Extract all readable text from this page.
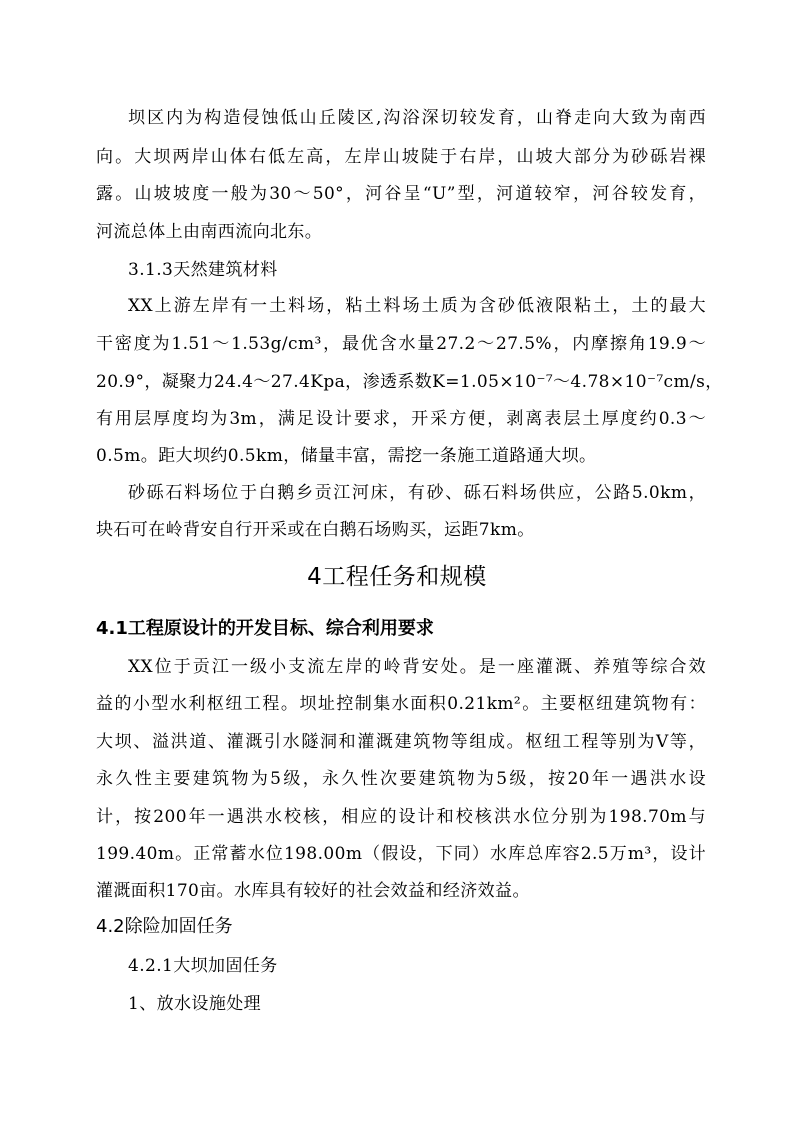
坝区内为构造侵蚀低山丘陵区,沟浴深切较发育，山脊走向大致为南西
向。大坝两岸山体右低左高，左岸山坡陡于右岸，山坡大部分为砂砾岩裸
露。山坡坡度一般为30～50°，河谷呈“U”型，河道较窄，河谷较发育，
河流总体上由南西流向北东。
3.1.3天然建筑材料
XX上游左岸有一土料场，粘土料场土质为含砂低液限粘土，土的最大
干密度为1.51～1.53g/cm³，最优含水量27.2～27.5%，内摩擦角19.9～
20.9°，凝聚力24.4～27.4Kpa，渗透系数K=1.05×10⁻⁷～4.78×10⁻⁷cm/s，
有用层厚度均为3m，满足设计要求，开采方便，剥离表层土厚度约0.3～
0.5m。距大坝约0.5km，储量丰富，需挖一条施工道路通大坝。
砂砾石料场位于白鹅乡贡江河床，有砂、砾石料场供应，公路5.0km，
块石可在岭背安自行开采或在白鹅石场购买，运距7km。
4工程任务和规模
4.1工程原设计的开发目标、综合利用要求
XX位于贡江一级小支流左岸的岭背安处。是一座灌溉、养殖等综合效
益的小型水利枢纽工程。坝址控制集水面积0.21km²。主要枢纽建筑物有：
大坝、溢洪道、灌溉引水隧洞和灌溉建筑物等组成。枢纽工程等别为Ⅴ等，
永久性主要建筑物为5级，永久性次要建筑物为5级，按20年一遇洪水设
计，按200年一遇洪水校核，相应的设计和校核洪水位分别为198.70m与
199.40m。正常蓄水位198.00m（假设，下同）水库总库容2.5万m³，设计
灌溉面积170亩。水库具有较好的社会效益和经济效益。
4.2除险加固任务
4.2.1大坝加固任务
1、放水设施处理
